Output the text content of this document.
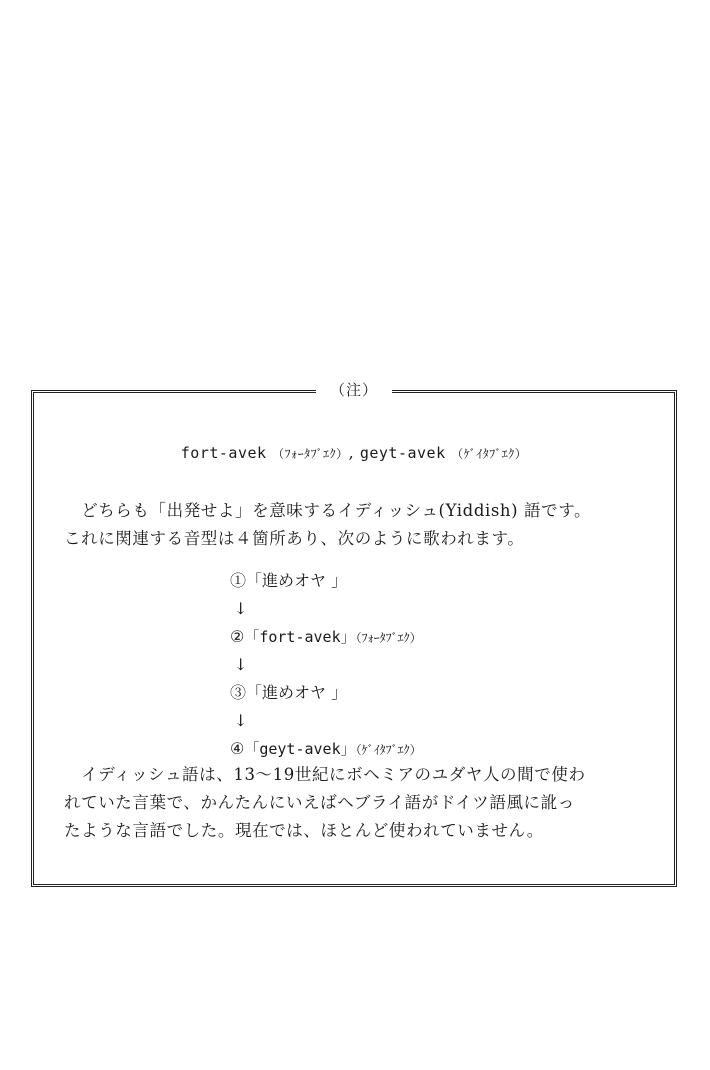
（注）
fort-avek （ﾌｫｰﾀﾌﾞｴｸ）, geyt-avek （ｹﾞｲﾀﾌﾞｴｸ）

　どちらも「出発せよ」を意味するイディッシュ(Yiddish) 語です。

これに関連する音型は４箇所あり、次のように歌われます。

①「進めオヤ 」
↓
②「fort-avek」（ﾌｫｰﾀﾌﾞｴｸ）
↓
③「進めオヤ 」
↓
④「geyt-avek」（ｹﾞｲﾀﾌﾞｴｸ）

　イディッシュ語は、13〜19世紀にボヘミアのユダヤ人の間で使わ

れていた言葉で、かんたんにいえばヘブライ語がドイツ語風に訛っ

たような言語でした。現在では、ほとんど使われていません。
